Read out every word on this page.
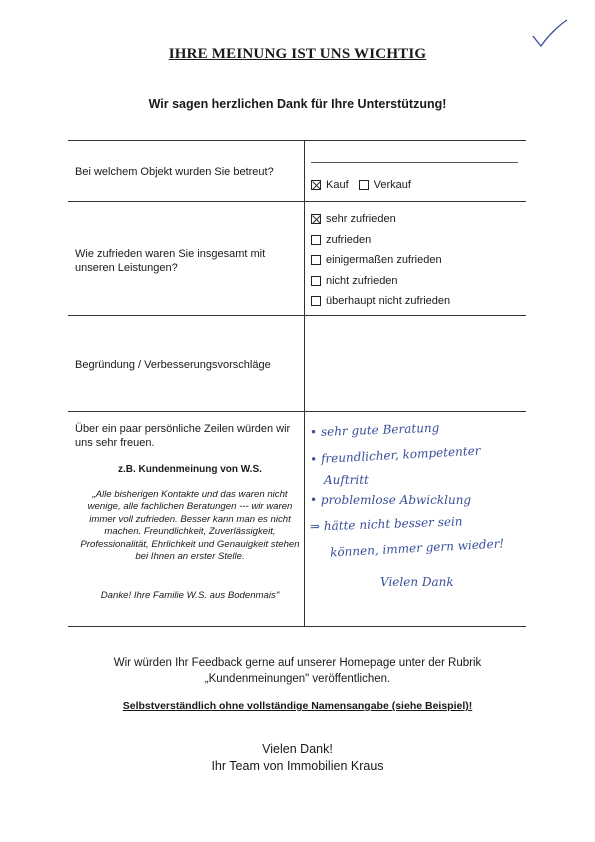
IHRE MEINUNG IST UNS WICHTIG
Wir sagen herzlichen Dank für Ihre Unterstützung!
Bei welchem Objekt wurden Sie betreut?
Kauf Verkauf
Wie zufrieden waren Sie insgesamt mit unseren Leistungen?
sehr zufrieden
zufrieden
einigermaßen zufrieden
nicht zufrieden
überhaupt nicht zufrieden
Begründung / Verbesserungsvorschläge
Über ein paar persönliche Zeilen würden wir uns sehr freuen.
z.B. Kundenmeinung von W.S.
„Alle bisherigen Kontakte und das waren nicht wenige, alle fachlichen Beratungen --- wir waren immer voll zufrieden. Besser kann man es nicht machen. Freundlichkeit, Zuverlässigkeit, Professionalität, Ehrlichkeit und Genauigkeit stehen bei Ihnen an erster Stelle.
Danke! Ihre Familie W.S. aus Bodenmais"
• sehr gute Beratung
• freundlicher, kompetenter
Auftritt
• problemlose Abwicklung
⇒ hätte nicht besser sein
können, immer gern wieder!
Vielen Dank
Wir würden Ihr Feedback gerne auf unserer Homepage unter der Rubrik
„Kundenmeinungen" veröffentlichen.
Selbstverständlich ohne vollständige Namensangabe (siehe Beispiel)!
Vielen Dank!
Ihr Team von Immobilien Kraus
